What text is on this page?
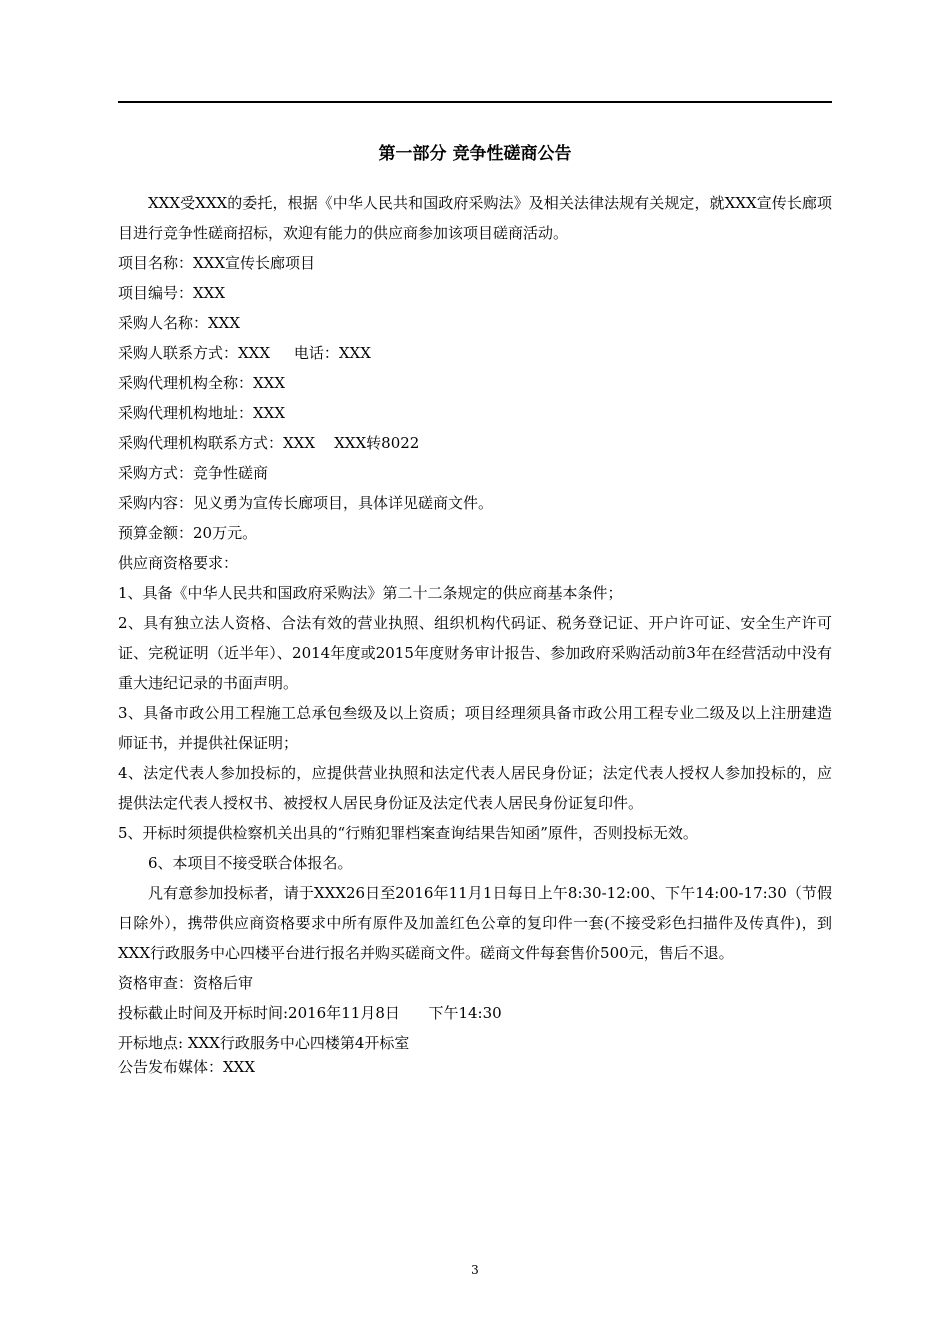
第一部分 竞争性磋商公告

XXX受XXX的委托，根据《中华人民共和国政府采购法》及相关法律法规有关规定，就XXX宣传长廊项目进行竞争性磋商招标，欢迎有能力的供应商参加该项目磋商活动。

项目名称：XXX宣传长廊项目

项目编号：XXX

采购人名称：XXX

采购人联系方式：XXX     电话：XXX

采购代理机构全称：XXX

采购代理机构地址：XXX

采购代理机构联系方式：XXX    XXX转8022

采购方式：竞争性磋商

采购内容：见义勇为宣传长廊项目，具体详见磋商文件。

预算金额：20万元。

供应商资格要求：

1、具备《中华人民共和国政府采购法》第二十二条规定的供应商基本条件；

2、具有独立法人资格、合法有效的营业执照、组织机构代码证、税务登记证、开户许可证、安全生产许可证、完税证明（近半年）、2014年度或2015年度财务审计报告、参加政府采购活动前3年在经营活动中没有重大违纪记录的书面声明。

3、具备市政公用工程施工总承包叁级及以上资质；项目经理须具备市政公用工程专业二级及以上注册建造师证书，并提供社保证明；

4、法定代表人参加投标的，应提供营业执照和法定代表人居民身份证；法定代表人授权人参加投标的，应提供法定代表人授权书、被授权人居民身份证及法定代表人居民身份证复印件。

5、开标时须提供检察机关出具的“行贿犯罪档案查询结果告知函”原件，否则投标无效。

6、本项目不接受联合体报名。

凡有意参加投标者，请于XXX26日至2016年11月1日每日上午8:30-12:00、下午14:00-17:30（节假日除外），携带供应商资格要求中所有原件及加盖红色公章的复印件一套(不接受彩色扫描件及传真件)，到XXX行政服务中心四楼平台进行报名并购买磋商文件。磋商文件每套售价500元，售后不退。

资格审查：资格后审

投标截止时间及开标时间:2016年11月8日      下午14:30

开标地点: XXX行政服务中心四楼第4开标室

公告发布媒体：XXX

3
